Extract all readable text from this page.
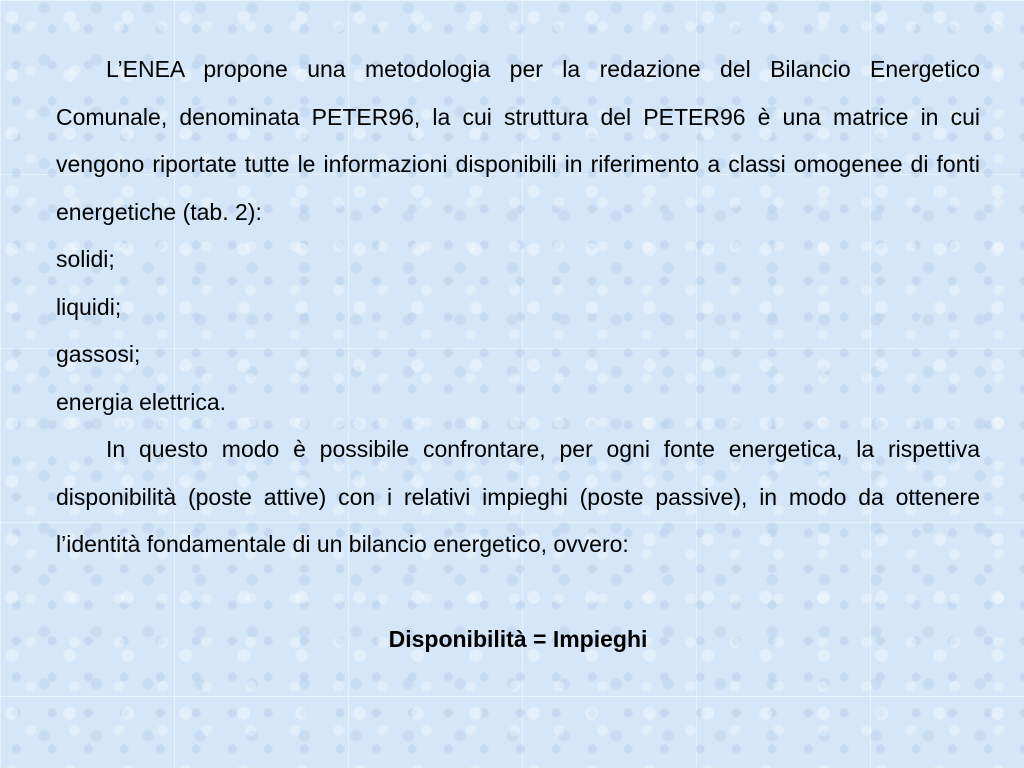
L’ENEA propone una metodologia per la redazione del Bilancio Energetico Comunale, denominata PETER96, la cui struttura del PETER96 è una matrice in cui vengono riportate tutte le informazioni disponibili in riferimento a classi omogenee di fonti energetiche (tab. 2):

solidi;

liquidi;

gassosi;

energia elettrica.

In questo modo è possibile confrontare, per ogni fonte energetica, la rispettiva disponibilità (poste attive) con i relativi impieghi (poste passive), in modo da ottenere l’identità fondamentale di un bilancio energetico, ovvero:

Disponibilità = Impieghi
